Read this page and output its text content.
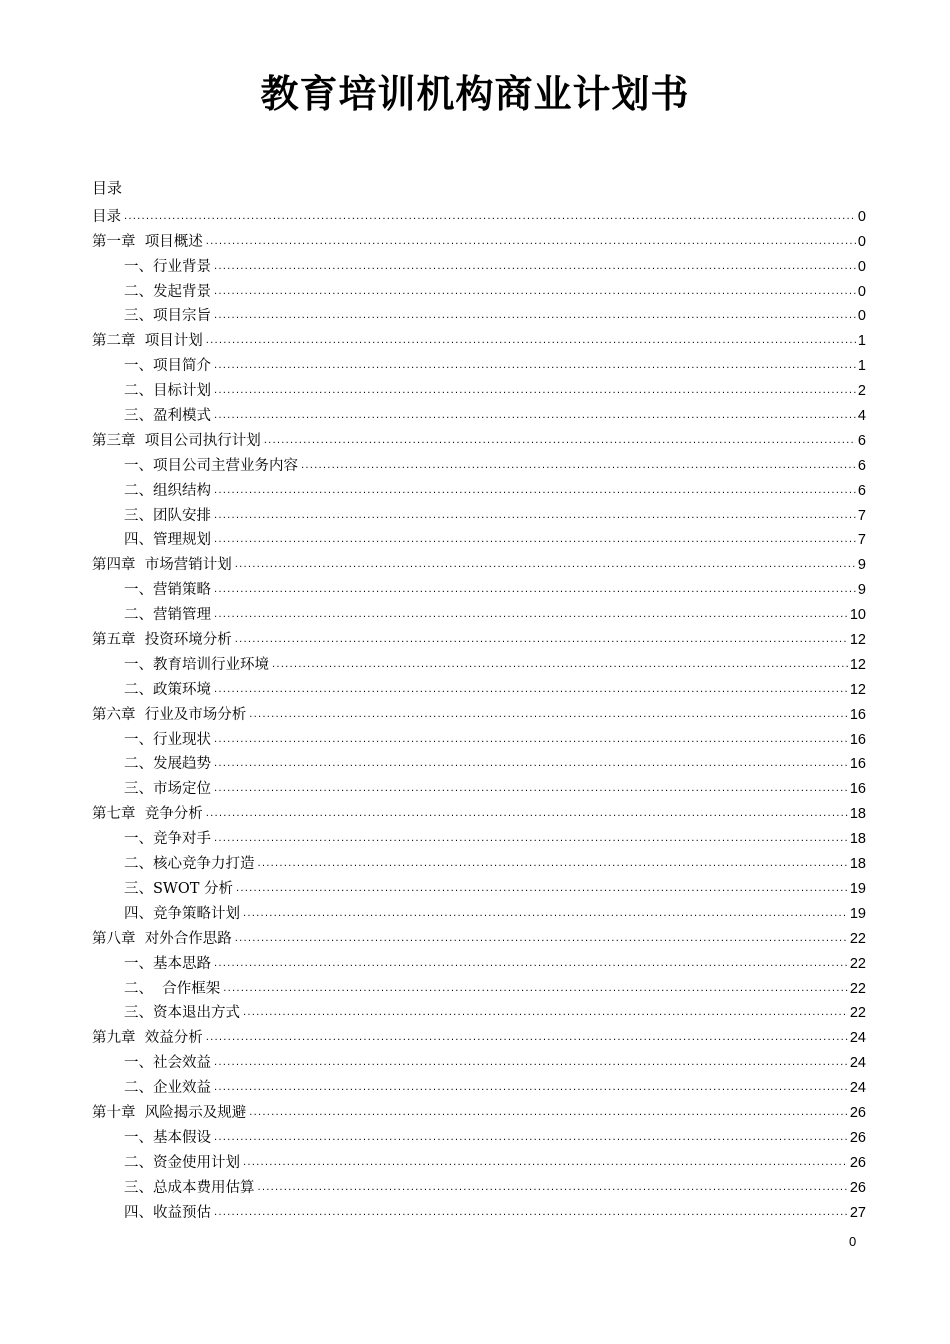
教育培训机构商业计划书

目录

目录 .....	0
第一章  项目概述 .....	0
一、行业背景 .....	0
二、发起背景 .....	0
三、项目宗旨 .....	0
第二章  项目计划 .....	1
一、项目简介 .....	1
二、目标计划 .....	2
三、盈利模式 .....	4
第三章  项目公司执行计划 .....	6
一、项目公司主营业务内容 .....	6
二、组织结构 .....	6
三、团队安排 .....	7
四、管理规划 .....	7
第四章  市场营销计划 .....	9
一、营销策略 .....	9
二、营销管理 .....	10
第五章  投资环境分析 .....	12
一、教育培训行业环境 .....	12
二、政策环境 .....	12
第六章  行业及市场分析 .....	16
一、行业现状 .....	16
二、发展趋势 .....	16
三、市场定位 .....	16
第七章  竞争分析 .....	18
一、竞争对手 .....	18
二、核心竞争力打造 .....	18
三、SWOT 分析 .....	19
四、竞争策略计划 .....	19
第八章  对外合作思路 .....	22
一、基本思路 .....	22
二、  合作框架 .....	22
三、资本退出方式 .....	22
第九章  效益分析 .....	24
一、社会效益 .....	24
二、企业效益 .....	24
第十章  风险揭示及规避 .....	26
一、基本假设 .....	26
二、资金使用计划 .....	26
三、总成本费用估算 .....	26
四、收益预估 .....	27

0
